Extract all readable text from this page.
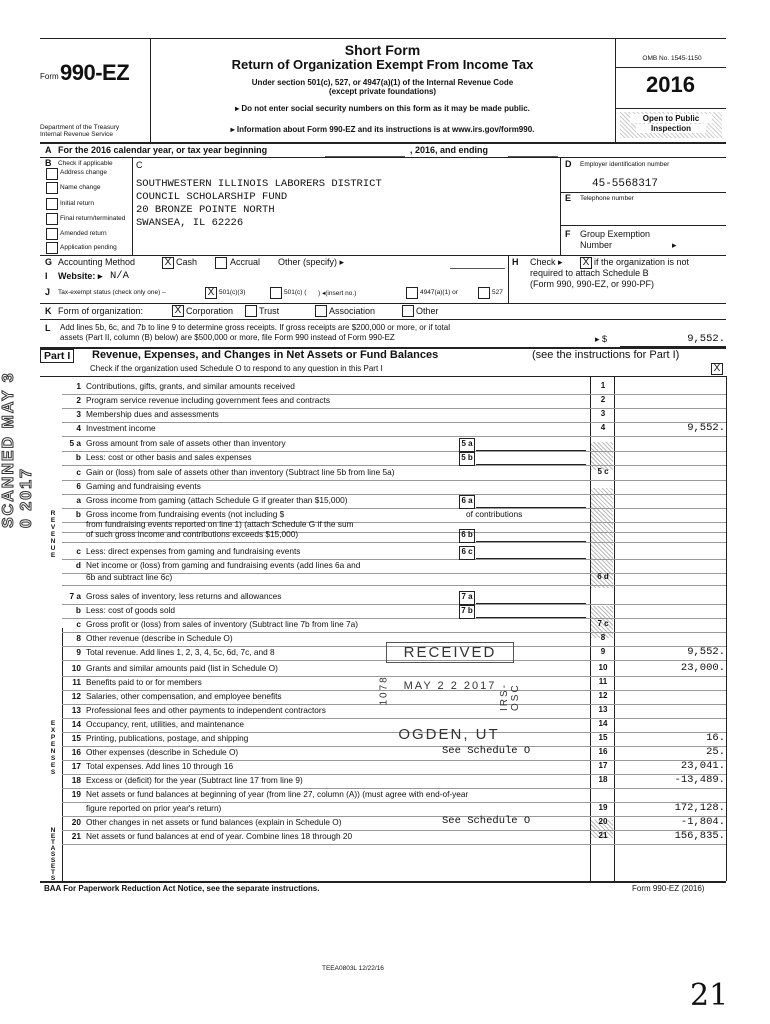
Form 990-EZ
Department of the Treasury
Internal Revenue Service
Short Form
Return of Organization Exempt From Income Tax
Under section 501(c), 527, or 4947(a)(1) of the Internal Revenue Code
(except private foundations)
▸ Do not enter social security numbers on this form as it may be made public.
▸ Information about Form 990-EZ and its instructions is at www.irs.gov/form990.
OMB No. 1545-1150
2016
Open to Public
Inspection
A For the 2016 calendar year, or tax year beginning	, 2016, and ending
B Check if applicable
Address change
Name change
Initial return
Final return/terminated
Amended return
Application pending
C
SOUTHWESTERN ILLINOIS LABORERS DISTRICT
COUNCIL SCHOLARSHIP FUND
20 BRONZE POINTE NORTH
SWANSEA, IL 62226
D Employer identification number
45-5568317
E Telephone number
F Group Exemption
Number	▸
G Accounting Method	X Cash	Accrual Other (specify) ▸	H Check ▸ X if the organization is not
required to attach Schedule B
(Form 990, 990-EZ, or 990-PF)
I Website: ▸ N/A
J Tax-exempt status (check only one) –	X 501(c)(3)	501(c) ( ) ◂(insert no.)	4947(a)(1) or	527
K Form of organization:	X Corporation	Trust	Association	Other
L Add lines 5b, 6c, and 7b to line 9 to determine gross receipts. If gross receipts are $200,000 or more, or if total
assets (Part II, column (B) below) are $500,000 or more, file Form 990 instead of Form 990-EZ	▸ $	9,552.
Part I	Revenue, Expenses, and Changes in Net Assets or Fund Balances	(see the instructions for Part I)
Check if the organization used Schedule O to respond to any question in this Part I	X
REVENUE
EXPENSES
NET ASSETS
1 Contributions, gifts, grants, and similar amounts received	1
2 Program service revenue including government fees and contracts	2
3 Membership dues and assessments	3
4 Investment income	4	9,552.
5 a Gross amount from sale of assets other than inventory	5 a
b Less: cost or other basis and sales expenses	5 b
c Gain or (loss) from sale of assets other than inventory (Subtract line 5b from line 5a)	5 c
6 Gaming and fundraising events
a Gross income from gaming (attach Schedule G if greater than $15,000)	6 a
b Gross income from fundraising events (not including $	of contributions
from fundraising events reported on line 1) (attach Schedule G if the sum
of such gross income and contributions exceeds $15,000)	6 b
c Less: direct expenses from gaming and fundraising events	6 c
d Net income or (loss) from gaming and fundraising events (add lines 6a and
6b and subtract line 6c)	6 d
7 a Gross sales of inventory, less returns and allowances	7 a
b Less: cost of goods sold	7 b
c Gross profit or (loss) from sales of inventory (Subtract line 7b from line 7a)	7 c
8 Other revenue (describe in Schedule O)	8
9 Total revenue. Add lines 1, 2, 3, 4, 5c, 6d, 7c, and 8	9	9,552.
10 Grants and similar amounts paid (list in Schedule O)	10	23,000.
11 Benefits paid to or for members	11
12 Salaries, other compensation, and employee benefits	12
13 Professional fees and other payments to independent contractors	13
14 Occupancy, rent, utilities, and maintenance	14
15 Printing, publications, postage, and shipping	15	16.
16 Other expenses (describe in Schedule O)	See Schedule O	16	25.
17 Total expenses. Add lines 10 through 16	17	23,041.
18 Excess or (deficit) for the year (Subtract line 17 from line 9)	18	-13,489.
19 Net assets or fund balances at beginning of year (from line 27, column (A)) (must agree with end-of-year
figure reported on prior year's return)	19	172,128.
20 Other changes in net assets or fund balances (explain in Schedule O)	See Schedule O	20	-1,804.
21 Net assets or fund balances at end of year. Combine lines 18 through 20	21	156,835.
BAA For Paperwork Reduction Act Notice, see the separate instructions.	Form 990-EZ (2016)
TEEA0803L 12/22/16
21
SCANNED MAY 3 0 2017
RECEIVED
MAY 2 2 2017
OGDEN, UT
1078	IRS-OSC
